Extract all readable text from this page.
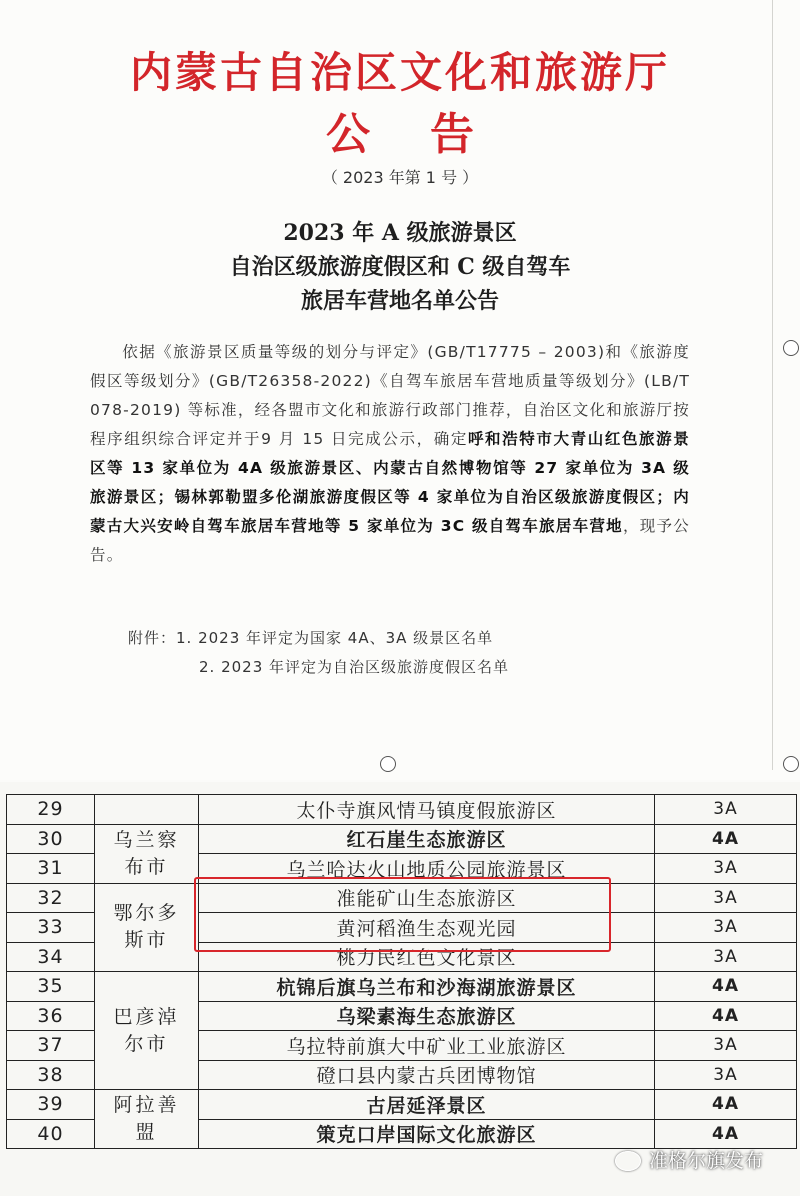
内蒙古自治区文化和旅游厅
公告
（ 2023 年第 1 号 ）
2023 年 A 级旅游景区
自治区级旅游度假区和 C 级自驾车
旅居车营地名单公告
依据《旅游景区质量等级的划分与评定》(GB/T17775 – 2003)和《旅游度假区等级划分》(GB/T26358-2022)《自驾车旅居车营地质量等级划分》(LB/T 078-2019) 等标准，经各盟市文化和旅游行政部门推荐，自治区文化和旅游厅按程序组织综合评定并于9 月 15 日完成公示，确定呼和浩特市大青山红色旅游景区等 13 家单位为 4A 级旅游景区、内蒙古自然博物馆等 27 家单位为 3A 级旅游景区；锡林郭勒盟多伦湖旅游度假区等 4 家单位为自治区级旅游度假区；内蒙古大兴安岭自驾车旅居车营地等 5 家单位为 3C 级自驾车旅居车营地，现予公告。
附件：1. 2023 年评定为国家 4A、3A 级景区名单
2. 2023 年评定为自治区级旅游度假区名单
29		太仆寺旗风情马镇度假旅游区	3A
30	乌兰察
布市	红石崖生态旅游区	4A
31		乌兰哈达火山地质公园旅游景区	3A
32	鄂尔多
斯市	准能矿山生态旅游区	3A
33		黄河稻渔生态观光园	3A
34		桃力民红色文化景区	3A
35	巴彦淖
尔市	杭锦后旗乌兰布和沙海湖旅游景区	4A
36		乌梁素海生态旅游区	4A
37		乌拉特前旗大中矿业工业旅游区	3A
38		磴口县内蒙古兵团博物馆	3A
39	阿拉善
盟	古居延泽景区	4A
40		策克口岸国际文化旅游区	4A
准格尔旗发布
